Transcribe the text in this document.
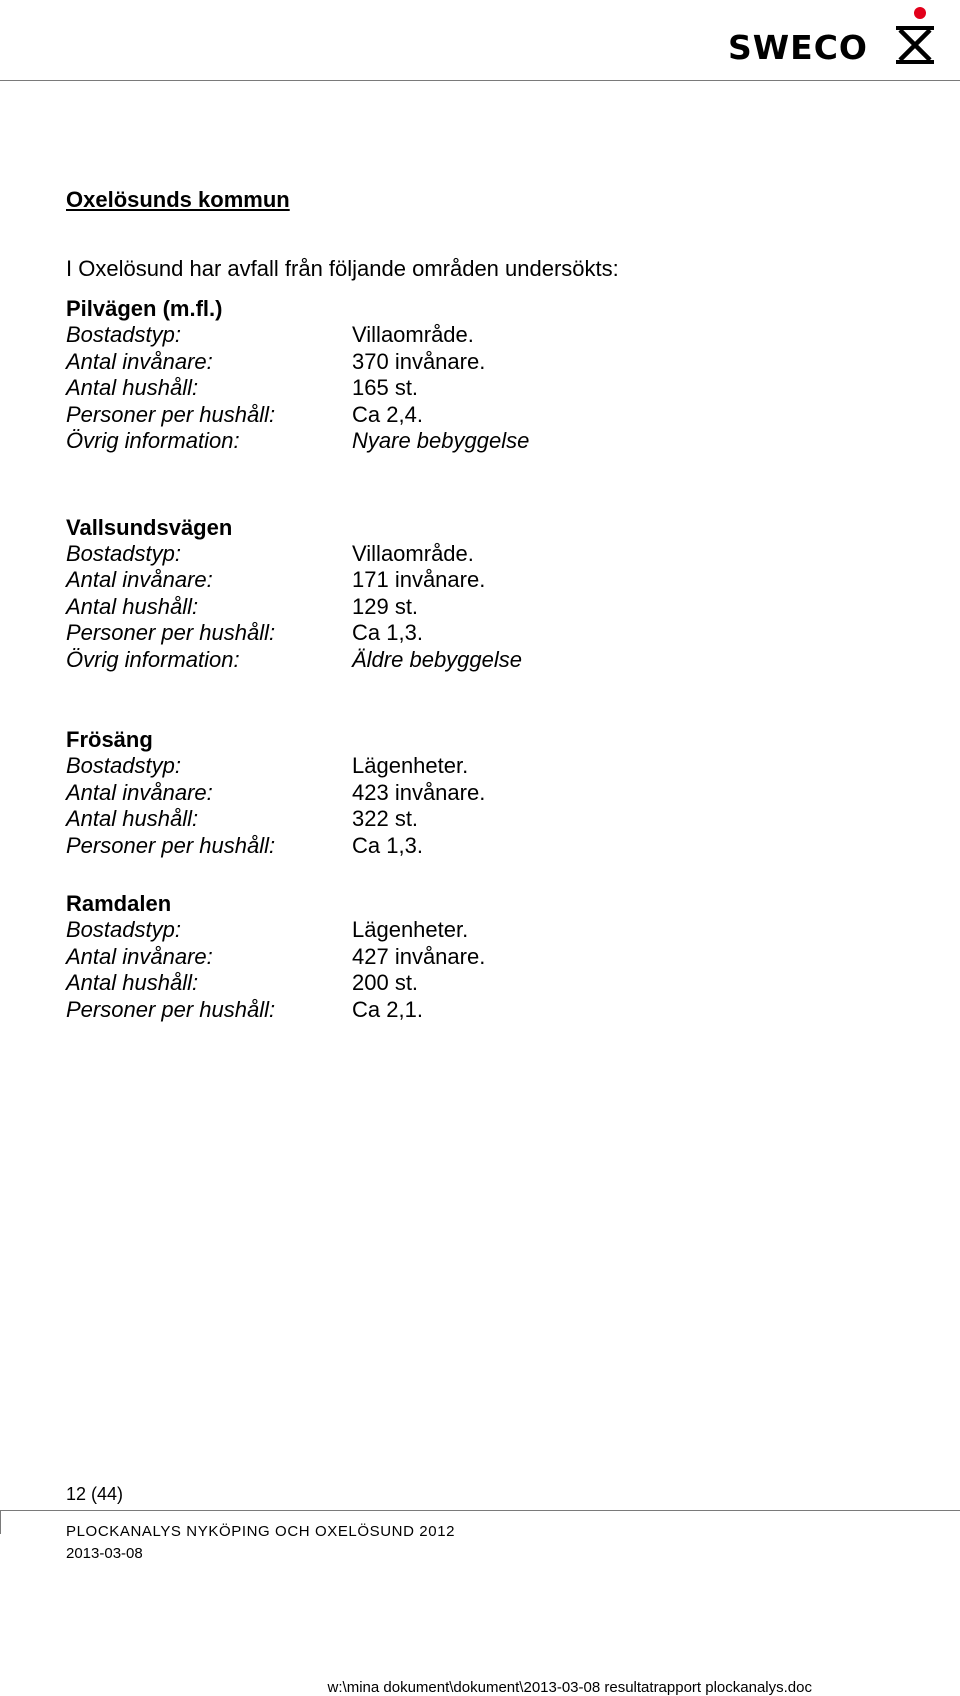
SWECO
Oxelösunds kommun
I Oxelösund har avfall från följande områden undersökts:
Pilvägen (m.fl.)
Bostadstyp:	Villaområde.
Antal invånare:	370 invånare.
Antal hushåll:	165 st.
Personer per hushåll:	Ca 2,4.
Övrig information:	Nyare bebyggelse
Vallsundsvägen
Bostadstyp:	Villaområde.
Antal invånare:	171 invånare.
Antal hushåll:	129 st.
Personer per hushåll:	Ca 1,3.
Övrig information:	Äldre bebyggelse
Frösäng
Bostadstyp:	Lägenheter.
Antal invånare:	423 invånare.
Antal hushåll:	322 st.
Personer per hushåll:	Ca 1,3.
Ramdalen
Bostadstyp:	Lägenheter.
Antal invånare:	427 invånare.
Antal hushåll:	200 st.
Personer per hushåll:	Ca 2,1.
12 (44)
PLOCKANALYS NYKÖPING OCH OXELÖSUND 2012
2013-03-08
w:\mina dokument\dokument\2013-03-08 resultatrapport plockanalys.doc
